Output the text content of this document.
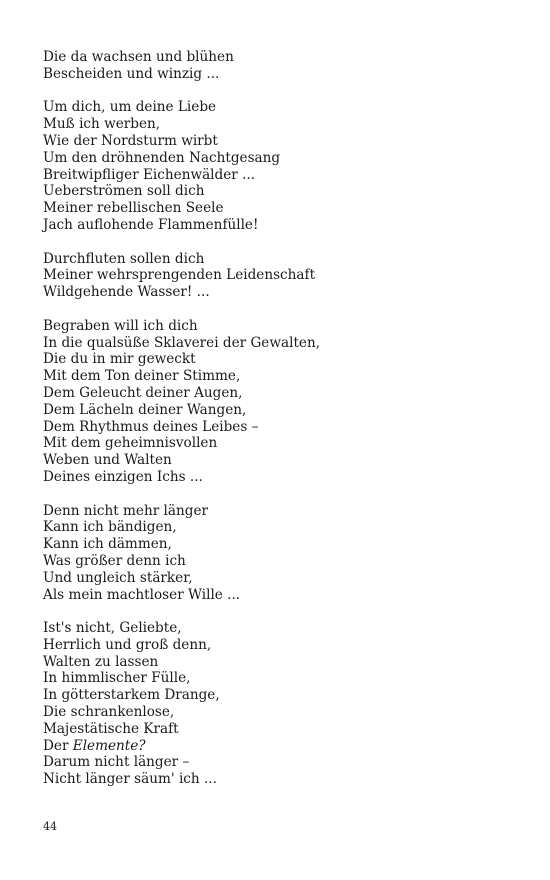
Die da wachsen und blühen
Bescheiden und winzig ...
Um dich, um deine Liebe
Muß ich werben,
Wie der Nordsturm wirbt
Um den dröhnenden Nachtgesang
Breitwipfliger Eichenwälder ...
Ueberströmen soll dich
Meiner rebellischen Seele
Jach auflohende Flammenfülle!
Durchfluten sollen dich
Meiner wehrsprengenden Leidenschaft
Wildgehende Wasser! ...
Begraben will ich dich
In die qualsüße Sklaverei der Gewalten,
Die du in mir geweckt
Mit dem Ton deiner Stimme,
Dem Geleucht deiner Augen,
Dem Lächeln deiner Wangen,
Dem Rhythmus deines Leibes –
Mit dem geheimnisvollen
Weben und Walten
Deines einzigen Ichs ...
Denn nicht mehr länger
Kann ich bändigen,
Kann ich dämmen,
Was größer denn ich
Und ungleich stärker,
Als mein machtloser Wille ...
Ist's nicht, Geliebte,
Herrlich und groß denn,
Walten zu lassen
In himmlischer Fülle,
In götterstarkem Drange,
Die schrankenlose,
Majestätische Kraft
Der Elemente?
Darum nicht länger –
Nicht länger säum' ich ...
44
